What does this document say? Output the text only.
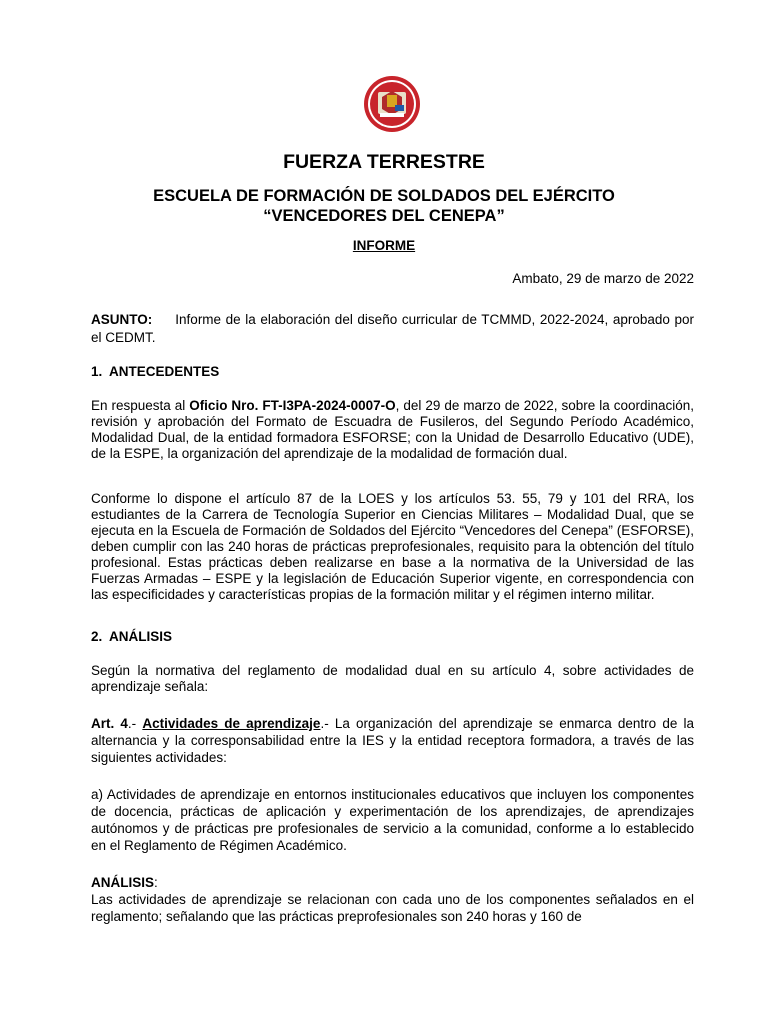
FUERZA TERRESTRE
ESCUELA DE FORMACIÓN DE SOLDADOS DEL EJÉRCITO
“VENCEDORES DEL CENEPA”
INFORME
Ambato, 29 de marzo de 2022
ASUNTO: Informe de la elaboración del diseño curricular de TCMMD, 2022-2024, aprobado por el CEDMT.
1. ANTECEDENTES
En respuesta al Oficio Nro. FT-I3PA-2024-0007-O, del 29 de marzo de 2022, sobre la coordinación, revisión y aprobación del Formato de Escuadra de Fusileros, del Segundo Período Académico, Modalidad Dual, de la entidad formadora ESFORSE; con la Unidad de Desarrollo Educativo (UDE), de la ESPE, la organización del aprendizaje de la modalidad de formación dual.
Conforme lo dispone el artículo 87 de la LOES y los artículos 53. 55, 79 y 101 del RRA, los estudiantes de la Carrera de Tecnología Superior en Ciencias Militares – Modalidad Dual, que se ejecuta en la Escuela de Formación de Soldados del Ejército “Vencedores del Cenepa” (ESFORSE), deben cumplir con las 240 horas de prácticas preprofesionales, requisito para la obtención del título profesional. Estas prácticas deben realizarse en base a la normativa de la Universidad de las Fuerzas Armadas – ESPE y la legislación de Educación Superior vigente, en correspondencia con las especificidades y características propias de la formación militar y el régimen interno militar.
2. ANÁLISIS
Según la normativa del reglamento de modalidad dual en su artículo 4, sobre actividades de aprendizaje señala:
Art. 4.- Actividades de aprendizaje.- La organización del aprendizaje se enmarca dentro de la alternancia y la corresponsabilidad entre la IES y la entidad receptora formadora, a través de las siguientes actividades:
a) Actividades de aprendizaje en entornos institucionales educativos que incluyen los componentes de docencia, prácticas de aplicación y experimentación de los aprendizajes, de aprendizajes autónomos y de prácticas pre profesionales de servicio a la comunidad, conforme a lo establecido en el Reglamento de Régimen Académico.
ANÁLISIS:
Las actividades de aprendizaje se relacionan con cada uno de los componentes señalados en el reglamento; señalando que las prácticas preprofesionales son 240 horas y 160 de
